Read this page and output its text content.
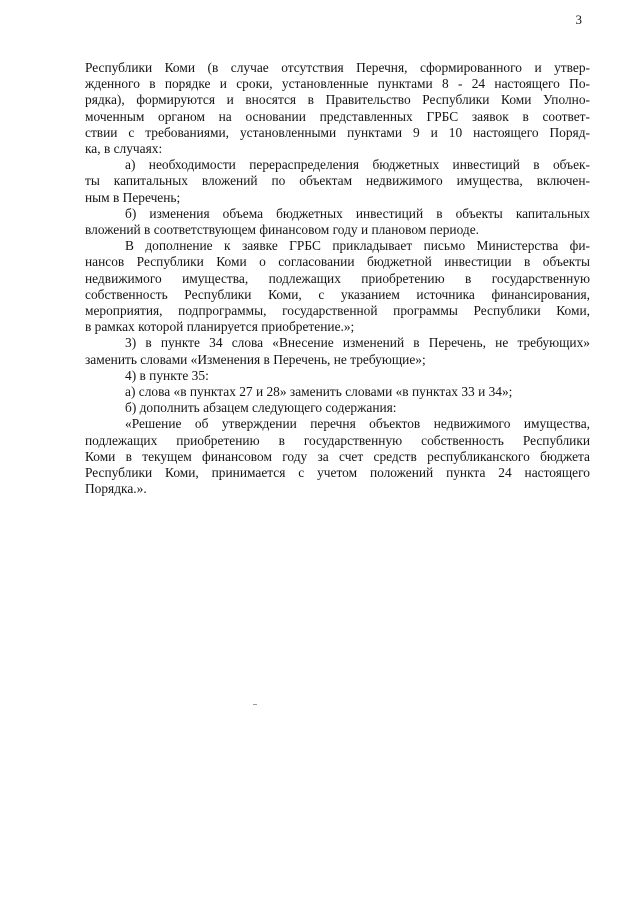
3
Республики Коми (в случае отсутствия Перечня, сформированного и утвер-
жденного в порядке и сроки, установленные пунктами 8 - 24 настоящего По-
рядка), формируются и вносятся в Правительство Республики Коми Уполно-
моченным органом на основании представленных ГРБС заявок в соответ-
ствии с требованиями, установленными пунктами 9 и 10 настоящего Поряд-
ка, в случаях:
а) необходимости перераспределения бюджетных инвестиций в объек-
ты капитальных вложений по объектам недвижимого имущества, включен-
ным в Перечень;
б) изменения объема бюджетных инвестиций в объекты капитальных
вложений в соответствующем финансовом году и плановом периоде.
В дополнение к заявке ГРБС прикладывает письмо Министерства фи-
нансов Республики Коми о согласовании бюджетной инвестиции в объекты
недвижимого имущества, подлежащих приобретению в государственную
собственность Республики Коми, с указанием источника финансирования,
мероприятия, подпрограммы, государственной программы Республики Коми,
в рамках которой планируется приобретение.»;
3) в пункте 34 слова «Внесение изменений в Перечень, не требующих»
заменить словами «Изменения в Перечень, не требующие»;
4) в пункте 35:
а) слова «в пунктах 27 и 28» заменить словами «в пунктах 33 и 34»;
б) дополнить абзацем следующего содержания:
«Решение об утверждении перечня объектов недвижимого имущества,
подлежащих приобретению в государственную собственность Республики
Коми в текущем финансовом году за счет средств республиканского бюджета
Республики Коми, принимается с учетом положений пункта 24 настоящего
Порядка.».
